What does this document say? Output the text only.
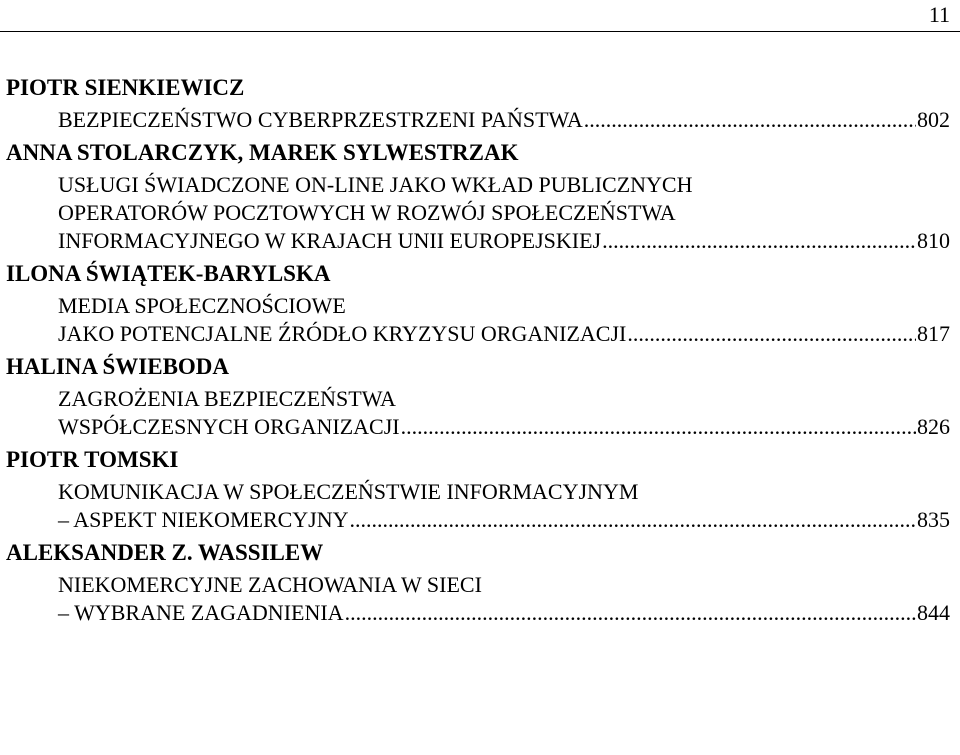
11
PIOTR SIENKIEWICZ
BEZPIECZEŃSTWO CYBERPRZESTRZENI PAŃSTWA .....	802
ANNA STOLARCZYK, MAREK SYLWESTRZAK
USŁUGI ŚWIADCZONE ON-LINE JAKO WKŁAD PUBLICZNYCH
OPERATORÓW POCZTOWYCH W ROZWÓJ SPOŁECZEŃSTWA
INFORMACYJNEGO W KRAJACH UNII EUROPEJSKIEJ .....	810
ILONA ŚWIĄTEK-BARYLSKA
MEDIA SPOŁECZNOŚCIOWE
JAKO POTENCJALNE ŹRÓDŁO KRYZYSU ORGANIZACJI .....	817
HALINA ŚWIEBODA
ZAGROŻENIA BEZPIECZEŃSTWA
WSPÓŁCZESNYCH ORGANIZACJI .....	826
PIOTR TOMSKI
KOMUNIKACJA W SPOŁECZEŃSTWIE INFORMACYJNYM
– ASPEKT NIEKOMERCYJNY .....	835
ALEKSANDER Z. WASSILEW
NIEKOMERCYJNE ZACHOWANIA W SIECI
– WYBRANE ZAGADNIENIA .....	844
